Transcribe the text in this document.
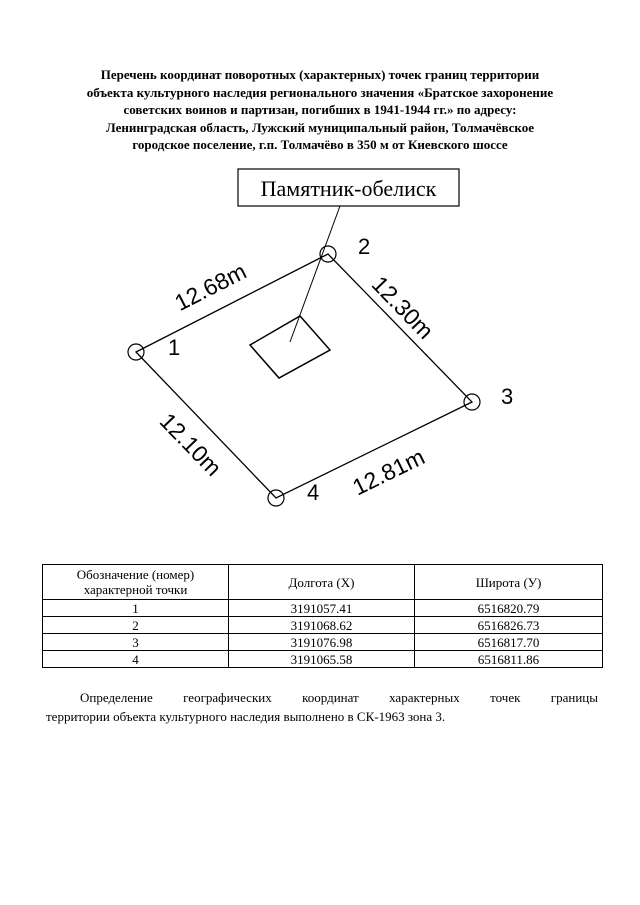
Перечень координат поворотных (характерных) точек границ территории
объекта культурного наследия регионального значения «Братское захоронение
советских воинов и партизан, погибших в 1941-1944 гг.» по адресу:
Ленинградская область, Лужский муниципальный район, Толмачёвское
городское поселение, г.п. Толмачёво в 350 м от Киевского шоссе
Памятник-обелиск
1
2
3
4
12.68m	12.30m
12.10m	12.81m
Обозначение (номер) характерной точки	Долгота (X)	Широта (У)
1	3191057.41	6516820.79
2	3191068.62	6516826.73
3	3191076.98	6516817.70
4	3191065.58	6516811.86
Определение географических координат характерных точек границы
территории объекта культурного наследия выполнено в СК-1963 зона 3.
